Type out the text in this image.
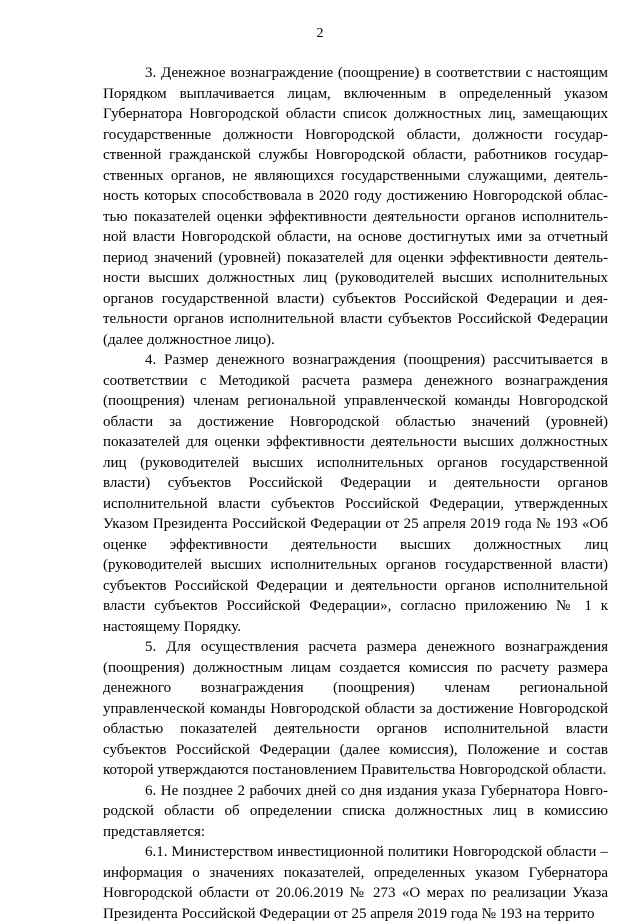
2

3. Денежное вознаграждение (поощрение) в соответствии с настоящим Порядком выплачивается лицам, включенным в определенный указом Губернатора Новгородской области список должностных лиц, замещающих государственные должности Новгородской области, должности государственной гражданской службы Новгородской области, работников государственных органов, не являющихся государственными служащими, деятельность которых способствовала в 2020 году достижению Новгородской областью показателей оценки эффективности деятельности органов исполнительной власти Новгородской области, на основе достигнутых ими за отчетный период значений (уровней) показателей для оценки эффективности деятельности высших должностных лиц (руководителей высших исполнительных органов государственной власти) субъектов Российской Федерации и деятельности органов исполнительной власти субъектов Российской Федерации (далее должностное лицо).

4. Размер денежного вознаграждения (поощрения) рассчитывается в соответствии с Методикой расчета размера денежного вознаграждения (поощрения) членам региональной управленческой команды Новгородской области за достижение Новгородской областью значений (уровней) показателей для оценки эффективности деятельности высших должностных лиц (руководителей высших исполнительных органов государственной власти) субъектов Российской Федерации и деятельности органов исполнительной власти субъектов Российской Федерации, утвержденных Указом Президента Российской Федерации от 25 апреля 2019 года № 193 «Об оценке эффективности деятельности высших должностных лиц (руководителей высших исполнительных органов государственной власти) субъектов Российской Федерации и деятельности органов исполнительной власти субъектов Российской Федерации», согласно приложению № 1 к настоящему Порядку.

5. Для осуществления расчета размера денежного вознаграждения (поощрения) должностным лицам создается комиссия по расчету размера денежного вознаграждения (поощрения) членам региональной управленческой команды Новгородской области за достижение Новгородской областью показателей деятельности органов исполнительной власти субъектов Российской Федерации (далее комиссия), Положение и состав которой утверждаются постановлением Правительства Новгородской области.

6. Не позднее 2 рабочих дней со дня издания указа Губернатора Новгородской области об определении списка должностных лиц в комиссию представляется:

6.1. Министерством инвестиционной политики Новгородской области – информация о значениях показателей, определенных указом Губернатора Новгородской области от 20.06.2019 № 273 «О мерах по реализации Указа Президента Российской Федерации от 25 апреля 2019 года № 193 на террито
